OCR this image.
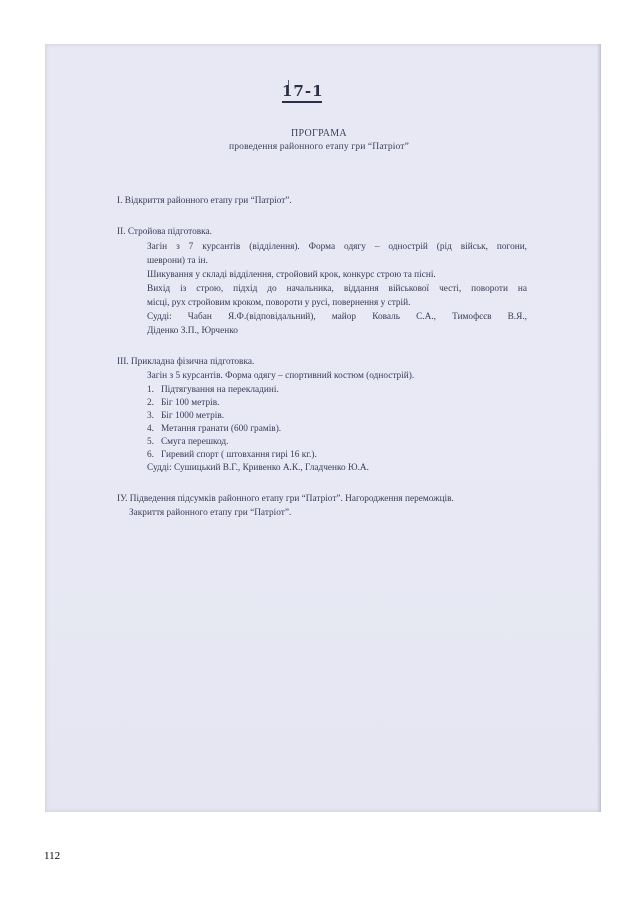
17-1
ПРОГРАМА
проведення районного етапу гри “Патріот”
І. Відкриття районного етапу гри “Патріот”.
ІІ. Стройова підготовка.
Загін з 7 курсантів (відділення). Форма одягу – однострій (рід військ, погони,
шеврони) та ін.
Шикування у складі відділення, стройовий крок, конкурс строю та пісні.
Вихід із строю, підхід до начальника, віддання військової честі, повороти на
місці, рух стройовим кроком, повороти у русі, повернення у стрій.
Судді: Чабан Я.Ф.(відповідальний), майор Коваль С.А., Тимофєєв В.Я.,
Діденко З.П., Юрченко
ІІІ. Прикладна фізична підготовка.
Загін з 5 курсантів. Форма одягу – спортивний костюм (однострій).
1.   Підтягування на перекладині.
2.   Біг 100 метрів.
3.   Біг 1000 метрів.
4.   Метання гранати (600 грамів).
5.   Смуга перешкод.
6.   Гиревий спорт ( штовхання гирі 16 кг.).
Судді: Сушицький В.Г., Кривенко А.К., Гладченко Ю.А.
ІУ. Підведення підсумків районного етапу гри “Патріот”. Нагородження переможців.
Закриття районного етапу гри “Патріот”.
112
